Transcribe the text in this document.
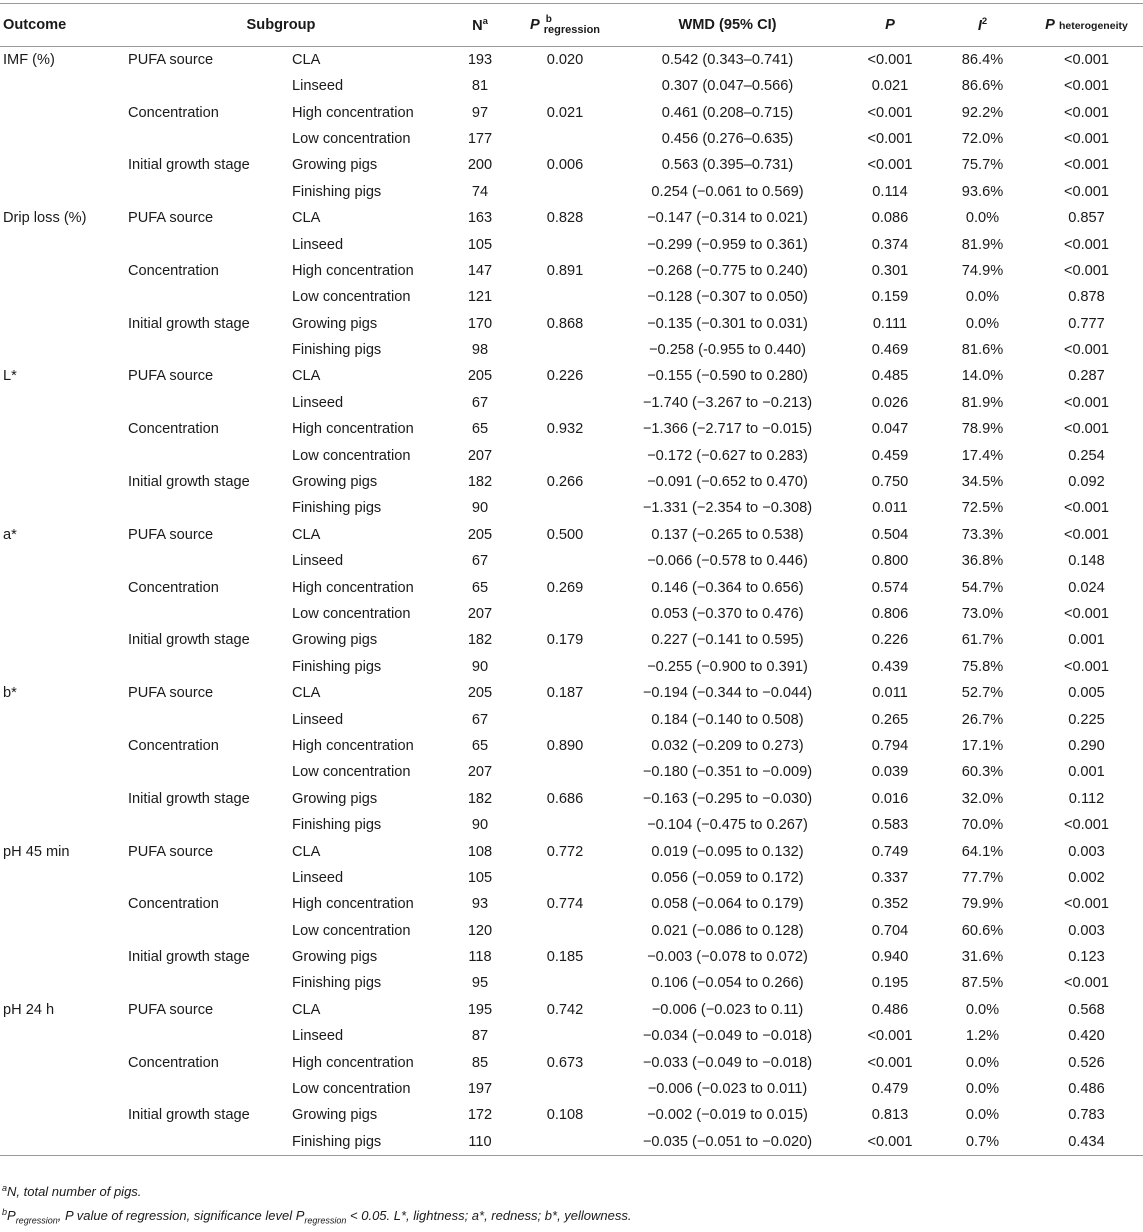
Outcome	Subgroup		$N^a$	P b
regression	WMD (95% CI)	P	$I^2$	P heterogeneity
IMF (%)	PUFA source	CLA	193	0.020	0.542 (0.343–0.741)	<0.001	86.4%	<0.001
		Linseed	81		0.307 (0.047–0.566)	0.021	86.6%	<0.001
	Concentration	High concentration	97	0.021	0.461 (0.208–0.715)	<0.001	92.2%	<0.001
		Low concentration	177		0.456 (0.276–0.635)	<0.001	72.0%	<0.001
	Initial growth stage	Growing pigs	200	0.006	0.563 (0.395–0.731)	<0.001	75.7%	<0.001
		Finishing pigs	74		0.254 (−0.061 to 0.569)	0.114	93.6%	<0.001
Drip loss (%)	PUFA source	CLA	163	0.828	−0.147 (−0.314 to 0.021)	0.086	0.0%	0.857
		Linseed	105		−0.299 (−0.959 to 0.361)	0.374	81.9%	<0.001
	Concentration	High concentration	147	0.891	−0.268 (−0.775 to 0.240)	0.301	74.9%	<0.001
		Low concentration	121		−0.128 (−0.307 to 0.050)	0.159	0.0%	0.878
	Initial growth stage	Growing pigs	170	0.868	−0.135 (−0.301 to 0.031)	0.111	0.0%	0.777
		Finishing pigs	98		−0.258 (-0.955 to 0.440)	0.469	81.6%	<0.001
L*	PUFA source	CLA	205	0.226	−0.155 (−0.590 to 0.280)	0.485	14.0%	0.287
		Linseed	67		−1.740 (−3.267 to −0.213)	0.026	81.9%	<0.001
	Concentration	High concentration	65	0.932	−1.366 (−2.717 to −0.015)	0.047	78.9%	<0.001
		Low concentration	207		−0.172 (−0.627 to 0.283)	0.459	17.4%	0.254
	Initial growth stage	Growing pigs	182	0.266	−0.091 (−0.652 to 0.470)	0.750	34.5%	0.092
		Finishing pigs	90		−1.331 (−2.354 to −0.308)	0.011	72.5%	<0.001
a*	PUFA source	CLA	205	0.500	0.137 (−0.265 to 0.538)	0.504	73.3%	<0.001
		Linseed	67		−0.066 (−0.578 to 0.446)	0.800	36.8%	0.148
	Concentration	High concentration	65	0.269	0.146 (−0.364 to 0.656)	0.574	54.7%	0.024
		Low concentration	207		0.053 (−0.370 to 0.476)	0.806	73.0%	<0.001
	Initial growth stage	Growing pigs	182	0.179	0.227 (−0.141 to 0.595)	0.226	61.7%	0.001
		Finishing pigs	90		−0.255 (−0.900 to 0.391)	0.439	75.8%	<0.001
b*	PUFA source	CLA	205	0.187	−0.194 (−0.344 to −0.044)	0.011	52.7%	0.005
		Linseed	67		0.184 (−0.140 to 0.508)	0.265	26.7%	0.225
	Concentration	High concentration	65	0.890	0.032 (−0.209 to 0.273)	0.794	17.1%	0.290
		Low concentration	207		−0.180 (−0.351 to −0.009)	0.039	60.3%	0.001
	Initial growth stage	Growing pigs	182	0.686	−0.163 (−0.295 to −0.030)	0.016	32.0%	0.112
		Finishing pigs	90		−0.104 (−0.475 to 0.267)	0.583	70.0%	<0.001
pH 45 min	PUFA source	CLA	108	0.772	0.019 (−0.095 to 0.132)	0.749	64.1%	0.003
		Linseed	105		0.056 (−0.059 to 0.172)	0.337	77.7%	0.002
	Concentration	High concentration	93	0.774	0.058 (−0.064 to 0.179)	0.352	79.9%	<0.001
		Low concentration	120		0.021 (−0.086 to 0.128)	0.704	60.6%	0.003
	Initial growth stage	Growing pigs	118	0.185	−0.003 (−0.078 to 0.072)	0.940	31.6%	0.123
		Finishing pigs	95		0.106 (−0.054 to 0.266)	0.195	87.5%	<0.001
pH 24 h	PUFA source	CLA	195	0.742	−0.006 (−0.023 to 0.11)	0.486	0.0%	0.568
		Linseed	87		−0.034 (−0.049 to −0.018)	<0.001	1.2%	0.420
	Concentration	High concentration	85	0.673	−0.033 (−0.049 to −0.018)	<0.001	0.0%	0.526
		Low concentration	197		−0.006 (−0.023 to 0.011)	0.479	0.0%	0.486
	Initial growth stage	Growing pigs	172	0.108	−0.002 (−0.019 to 0.015)	0.813	0.0%	0.783
		Finishing pigs	110		−0.035 (−0.051 to −0.020)	<0.001	0.7%	0.434

$^a$N, total number of pigs.

$^bP_{regression}$, P value of regression, significance level $P_{regression} < 0.05$. L*, lightness; a*, redness; b*, yellowness.
